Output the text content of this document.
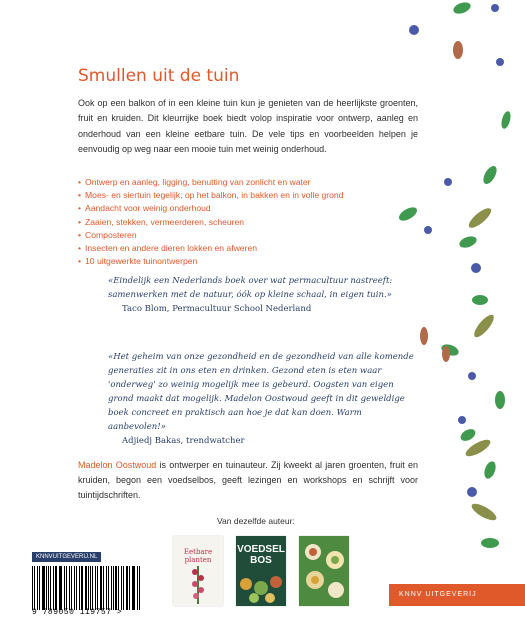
Smullen uit de tuin

Ook op een balkon of in een kleine tuin kun je genieten van de heerlijkste groenten, fruit en kruiden. Dit kleurrijke boek biedt volop inspiratie voor ontwerp, aanleg en onderhoud van een kleine eetbare tuin. De vele tips en voorbeelden helpen je eenvoudig op weg naar een mooie tuin met weinig onderhoud.

• Ontwerp en aanleg, ligging, benutting van zonlicht en water
• Moes- en siertuin tegelijk; op het balkon, in bakken en in volle grond
• Aandacht voor weinig onderhoud
• Zaaien, stekken, vermeerderen, scheuren
• Composteren
• Insecten en andere dieren lokken en afweren
• 10 uitgewerkte tuinontwerpen

«Eindelijk een Nederlands boek over wat permacultuur nastreeft: samenwerken met de natuur, óók op kleine schaal, in eigen tuin.»
Taco Blom, Permacultuur School Nederland

«Het geheim van onze gezondheid en de gezondheid van alle komende generaties zit in ons eten en drinken. Gezond eten is eten waar 'onderweg' zo weinig mogelijk mee is gebeurd. Oogsten van eigen grond maakt dat mogelijk. Madelon Oostwoud geeft in dit geweldige boek concreet en praktisch aan hoe je dat kan doen. Warm aanbevolen!»
Adjiedj Bakas, trendwatcher

Madelon Oostwoud is ontwerper en tuinauteur. Zij kweekt al jaren groenten, fruit en kruiden, begon een voedselbos, geeft lezingen en workshops en schrijft voor tuintijdschriften.

Van dezelfde auteur:
Eetbare planten
VOEDSEL BOS
KNNVUITGEVERIJ.NL
9 789050 119757 >
KNNV UITGEVERIJ
